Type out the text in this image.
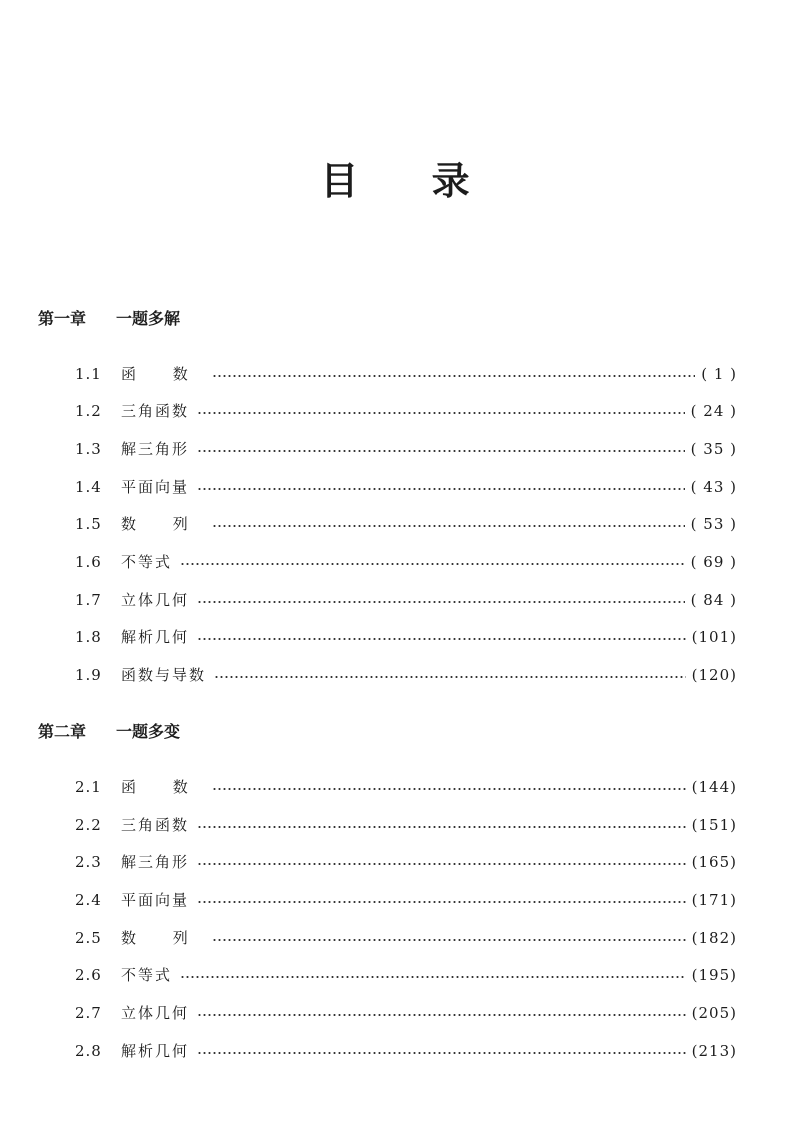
目 录
第一章 一题多解
1.1	函 数	( 1 )
1.2	三角函数	( 24 )
1.3	解三角形	( 35 )
1.4	平面向量	( 43 )
1.5	数 列	( 53 )
1.6	不等式	( 69 )
1.7	立体几何	( 84 )
1.8	解析几何	(101)
1.9	函数与导数	(120)
第二章 一题多变
2.1	函 数	(144)
2.2	三角函数	(151)
2.3	解三角形	(165)
2.4	平面向量	(171)
2.5	数 列	(182)
2.6	不等式	(195)
2.7	立体几何	(205)
2.8	解析几何	(213)
